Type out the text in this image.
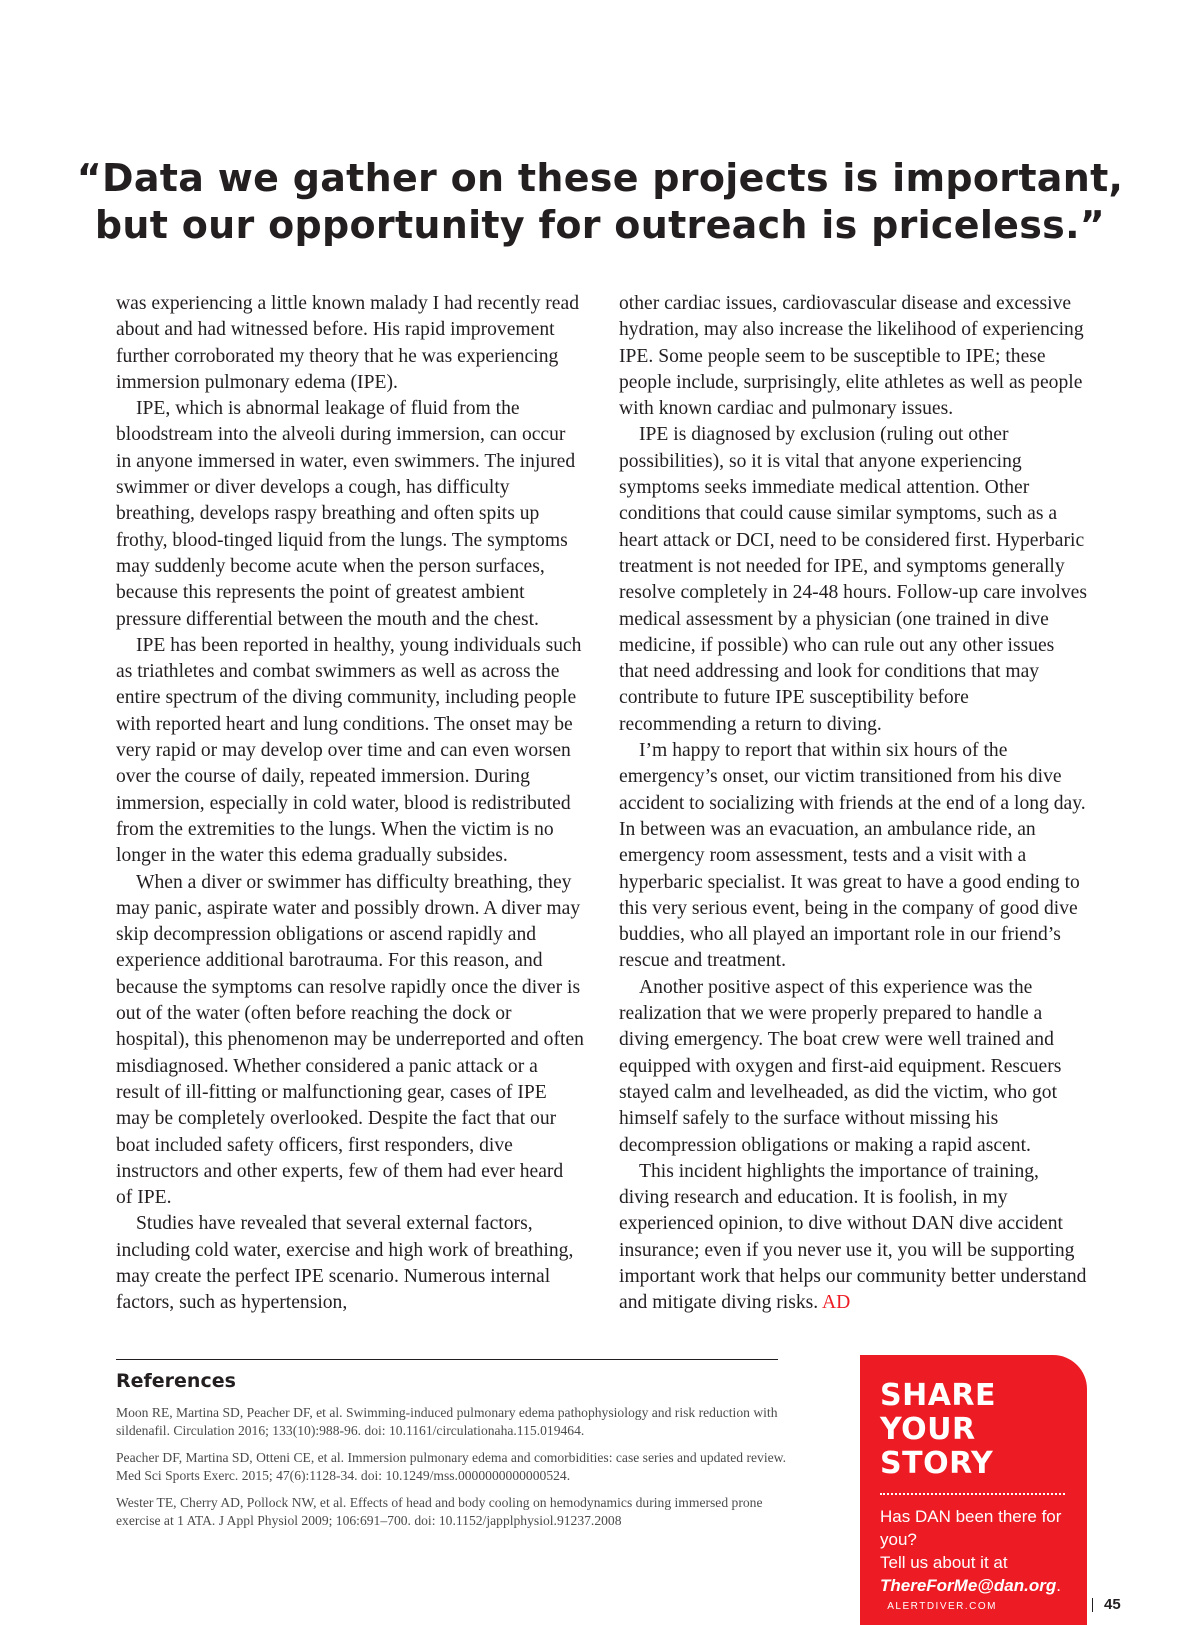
“Data we gather on these projects is important,
but our opportunity for outreach is priceless.”

was experiencing a little known malady I had recently read about and had witnessed before. His rapid improvement further corroborated my theory that he was experiencing immersion pulmonary edema (IPE).

IPE, which is abnormal leakage of fluid from the bloodstream into the alveoli during immersion, can occur in anyone immersed in water, even swimmers. The injured swimmer or diver develops a cough, has difficulty breathing, develops raspy breathing and often spits up frothy, blood-tinged liquid from the lungs. The symptoms may suddenly become acute when the person surfaces, because this represents the point of greatest ambient pressure differential between the mouth and the chest.

IPE has been reported in healthy, young individuals such as triathletes and combat swimmers as well as across the entire spectrum of the diving community, including people with reported heart and lung conditions. The onset may be very rapid or may develop over time and can even worsen over the course of daily, repeated immersion. During immersion, especially in cold water, blood is redistributed from the extremities to the lungs. When the victim is no longer in the water this edema gradually subsides.

When a diver or swimmer has difficulty breathing, they may panic, aspirate water and possibly drown. A diver may skip decompression obligations or ascend rapidly and experience additional barotrauma. For this reason, and because the symptoms can resolve rapidly once the diver is out of the water (often before reaching the dock or hospital), this phenomenon may be underreported and often misdiagnosed. Whether considered a panic attack or a result of ill-fitting or malfunctioning gear, cases of IPE may be completely overlooked. Despite the fact that our boat included safety officers, first responders, dive instructors and other experts, few of them had ever heard of IPE.

Studies have revealed that several external factors, including cold water, exercise and high work of breathing, may create the perfect IPE scenario. Numerous internal factors, such as hypertension,

other cardiac issues, cardiovascular disease and excessive hydration, may also increase the likelihood of experiencing IPE. Some people seem to be susceptible to IPE; these people include, surprisingly, elite athletes as well as people with known cardiac and pulmonary issues.

IPE is diagnosed by exclusion (ruling out other possibilities), so it is vital that anyone experiencing symptoms seeks immediate medical attention. Other conditions that could cause similar symptoms, such as a heart attack or DCI, need to be considered first. Hyperbaric treatment is not needed for IPE, and symptoms generally resolve completely in 24-48 hours. Follow-up care involves medical assessment by a physician (one trained in dive medicine, if possible) who can rule out any other issues that need addressing and look for conditions that may contribute to future IPE susceptibility before recommending a return to diving.

I’m happy to report that within six hours of the emergency’s onset, our victim transitioned from his dive accident to socializing with friends at the end of a long day. In between was an evacuation, an ambulance ride, an emergency room assessment, tests and a visit with a hyperbaric specialist. It was great to have a good ending to this very serious event, being in the company of good dive buddies, who all played an important role in our friend’s rescue and treatment.

Another positive aspect of this experience was the realization that we were properly prepared to handle a diving emergency. The boat crew were well trained and equipped with oxygen and first-aid equipment. Rescuers stayed calm and levelheaded, as did the victim, who got himself safely to the surface without missing his decompression obligations or making a rapid ascent.

This incident highlights the importance of training, diving research and education. It is foolish, in my experienced opinion, to dive without DAN dive accident insurance; even if you never use it, you will be supporting important work that helps our community better understand and mitigate diving risks. AD

References

Moon RE, Martina SD, Peacher DF, et al. Swimming-induced pulmonary edema pathophysiology and risk reduction with sildenafil. Circulation 2016; 133(10):988-96. doi: 10.1161/circulationaha.115.019464.

Peacher DF, Martina SD, Otteni CE, et al. Immersion pulmonary edema and comorbidities: case series and updated review. Med Sci Sports Exerc. 2015; 47(6):1128-34. doi: 10.1249/mss.0000000000000524.

Wester TE, Cherry AD, Pollock NW, et al. Effects of head and body cooling on hemodynamics during immersed prone exercise at 1 ATA. J Appl Physiol 2009; 106:691–700. doi: 10.1152/japplphysiol.91237.2008

SHARE
YOUR STORY

Has DAN been there for you?
Tell us about it at
ThereForMe@dan.org.

ALERTDIVER.COM	45
